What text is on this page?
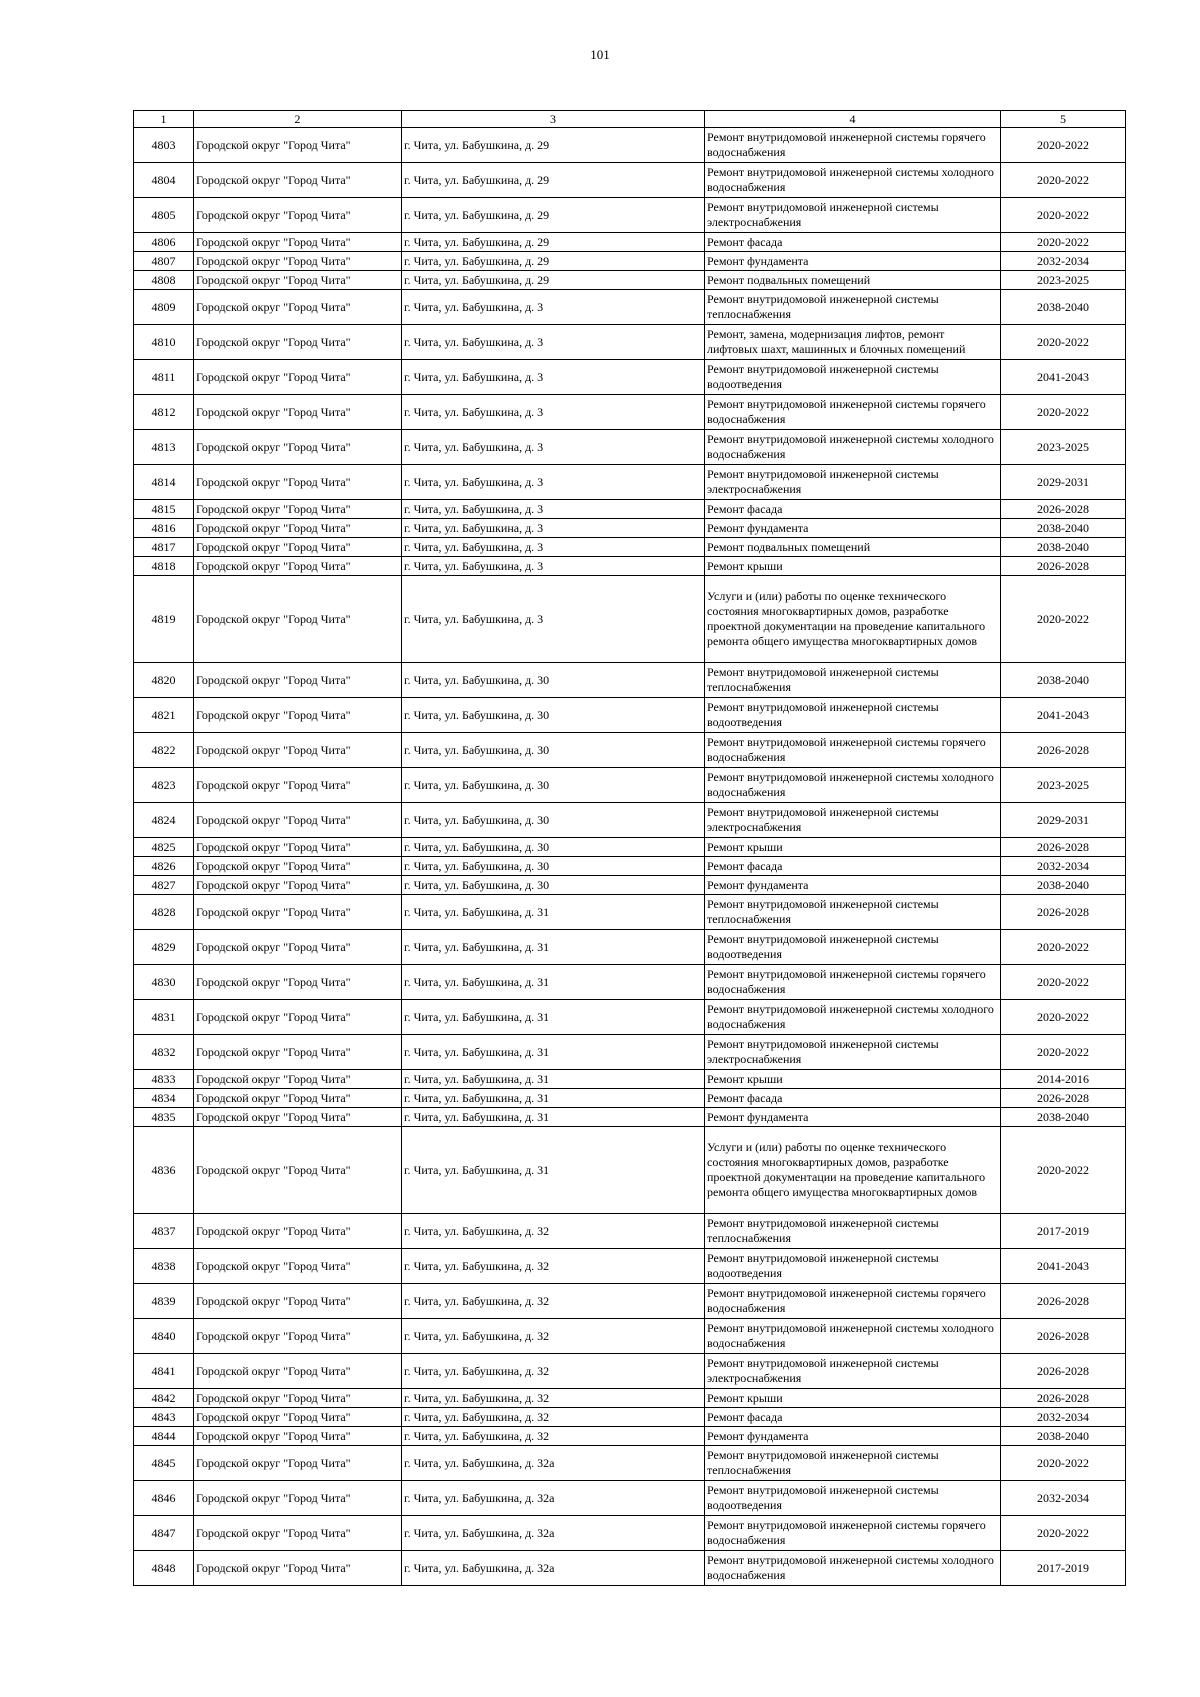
101
1	2	3	4	5
4803	Городской округ "Город Чита"	г. Чита, ул. Бабушкина, д. 29	Ремонт внутридомовой инженерной системы горячего водоснабжения	2020-2022
4804	Городской округ "Город Чита"	г. Чита, ул. Бабушкина, д. 29	Ремонт внутридомовой инженерной системы холодного водоснабжения	2020-2022
4805	Городской округ "Город Чита"	г. Чита, ул. Бабушкина, д. 29	Ремонт внутридомовой инженерной системы электроснабжения	2020-2022
4806	Городской округ "Город Чита"	г. Чита, ул. Бабушкина, д. 29	Ремонт фасада	2020-2022
4807	Городской округ "Город Чита"	г. Чита, ул. Бабушкина, д. 29	Ремонт фундамента	2032-2034
4808	Городской округ "Город Чита"	г. Чита, ул. Бабушкина, д. 29	Ремонт подвальных помещений	2023-2025
4809	Городской округ "Город Чита"	г. Чита, ул. Бабушкина, д. 3	Ремонт внутридомовой инженерной системы теплоснабжения	2038-2040
4810	Городской округ "Город Чита"	г. Чита, ул. Бабушкина, д. 3	Ремонт, замена, модернизация лифтов, ремонт лифтовых шахт, машинных и блочных помещений	2020-2022
4811	Городской округ "Город Чита"	г. Чита, ул. Бабушкина, д. 3	Ремонт внутридомовой инженерной системы водоотведения	2041-2043
4812	Городской округ "Город Чита"	г. Чита, ул. Бабушкина, д. 3	Ремонт внутридомовой инженерной системы горячего водоснабжения	2020-2022
4813	Городской округ "Город Чита"	г. Чита, ул. Бабушкина, д. 3	Ремонт внутридомовой инженерной системы холодного водоснабжения	2023-2025
4814	Городской округ "Город Чита"	г. Чита, ул. Бабушкина, д. 3	Ремонт внутридомовой инженерной системы электроснабжения	2029-2031
4815	Городской округ "Город Чита"	г. Чита, ул. Бабушкина, д. 3	Ремонт фасада	2026-2028
4816	Городской округ "Город Чита"	г. Чита, ул. Бабушкина, д. 3	Ремонт фундамента	2038-2040
4817	Городской округ "Город Чита"	г. Чита, ул. Бабушкина, д. 3	Ремонт подвальных помещений	2038-2040
4818	Городской округ "Город Чита"	г. Чита, ул. Бабушкина, д. 3	Ремонт крыши	2026-2028
4819	Городской округ "Город Чита"	г. Чита, ул. Бабушкина, д. 3	Услуги и (или) работы по оценке технического состояния многоквартирных домов, разработке проектной документации на проведение капитального ремонта общего имущества многоквартирных домов	2020-2022
4820	Городской округ "Город Чита"	г. Чита, ул. Бабушкина, д. 30	Ремонт внутридомовой инженерной системы теплоснабжения	2038-2040
4821	Городской округ "Город Чита"	г. Чита, ул. Бабушкина, д. 30	Ремонт внутридомовой инженерной системы водоотведения	2041-2043
4822	Городской округ "Город Чита"	г. Чита, ул. Бабушкина, д. 30	Ремонт внутридомовой инженерной системы горячего водоснабжения	2026-2028
4823	Городской округ "Город Чита"	г. Чита, ул. Бабушкина, д. 30	Ремонт внутридомовой инженерной системы холодного водоснабжения	2023-2025
4824	Городской округ "Город Чита"	г. Чита, ул. Бабушкина, д. 30	Ремонт внутридомовой инженерной системы электроснабжения	2029-2031
4825	Городской округ "Город Чита"	г. Чита, ул. Бабушкина, д. 30	Ремонт крыши	2026-2028
4826	Городской округ "Город Чита"	г. Чита, ул. Бабушкина, д. 30	Ремонт фасада	2032-2034
4827	Городской округ "Город Чита"	г. Чита, ул. Бабушкина, д. 30	Ремонт фундамента	2038-2040
4828	Городской округ "Город Чита"	г. Чита, ул. Бабушкина, д. 31	Ремонт внутридомовой инженерной системы теплоснабжения	2026-2028
4829	Городской округ "Город Чита"	г. Чита, ул. Бабушкина, д. 31	Ремонт внутридомовой инженерной системы водоотведения	2020-2022
4830	Городской округ "Город Чита"	г. Чита, ул. Бабушкина, д. 31	Ремонт внутридомовой инженерной системы горячего водоснабжения	2020-2022
4831	Городской округ "Город Чита"	г. Чита, ул. Бабушкина, д. 31	Ремонт внутридомовой инженерной системы холодного водоснабжения	2020-2022
4832	Городской округ "Город Чита"	г. Чита, ул. Бабушкина, д. 31	Ремонт внутридомовой инженерной системы электроснабжения	2020-2022
4833	Городской округ "Город Чита"	г. Чита, ул. Бабушкина, д. 31	Ремонт крыши	2014-2016
4834	Городской округ "Город Чита"	г. Чита, ул. Бабушкина, д. 31	Ремонт фасада	2026-2028
4835	Городской округ "Город Чита"	г. Чита, ул. Бабушкина, д. 31	Ремонт фундамента	2038-2040
4836	Городской округ "Город Чита"	г. Чита, ул. Бабушкина, д. 31	Услуги и (или) работы по оценке технического состояния многоквартирных домов, разработке проектной документации на проведение капитального ремонта общего имущества многоквартирных домов	2020-2022
4837	Городской округ "Город Чита"	г. Чита, ул. Бабушкина, д. 32	Ремонт внутридомовой инженерной системы теплоснабжения	2017-2019
4838	Городской округ "Город Чита"	г. Чита, ул. Бабушкина, д. 32	Ремонт внутридомовой инженерной системы водоотведения	2041-2043
4839	Городской округ "Город Чита"	г. Чита, ул. Бабушкина, д. 32	Ремонт внутридомовой инженерной системы горячего водоснабжения	2026-2028
4840	Городской округ "Город Чита"	г. Чита, ул. Бабушкина, д. 32	Ремонт внутридомовой инженерной системы холодного водоснабжения	2026-2028
4841	Городской округ "Город Чита"	г. Чита, ул. Бабушкина, д. 32	Ремонт внутридомовой инженерной системы электроснабжения	2026-2028
4842	Городской округ "Город Чита"	г. Чита, ул. Бабушкина, д. 32	Ремонт крыши	2026-2028
4843	Городской округ "Город Чита"	г. Чита, ул. Бабушкина, д. 32	Ремонт фасада	2032-2034
4844	Городской округ "Город Чита"	г. Чита, ул. Бабушкина, д. 32	Ремонт фундамента	2038-2040
4845	Городской округ "Город Чита"	г. Чита, ул. Бабушкина, д. 32а	Ремонт внутридомовой инженерной системы теплоснабжения	2020-2022
4846	Городской округ "Город Чита"	г. Чита, ул. Бабушкина, д. 32а	Ремонт внутридомовой инженерной системы водоотведения	2032-2034
4847	Городской округ "Город Чита"	г. Чита, ул. Бабушкина, д. 32а	Ремонт внутридомовой инженерной системы горячего водоснабжения	2020-2022
4848	Городской округ "Город Чита"	г. Чита, ул. Бабушкина, д. 32а	Ремонт внутридомовой инженерной системы холодного водоснабжения	2017-2019
